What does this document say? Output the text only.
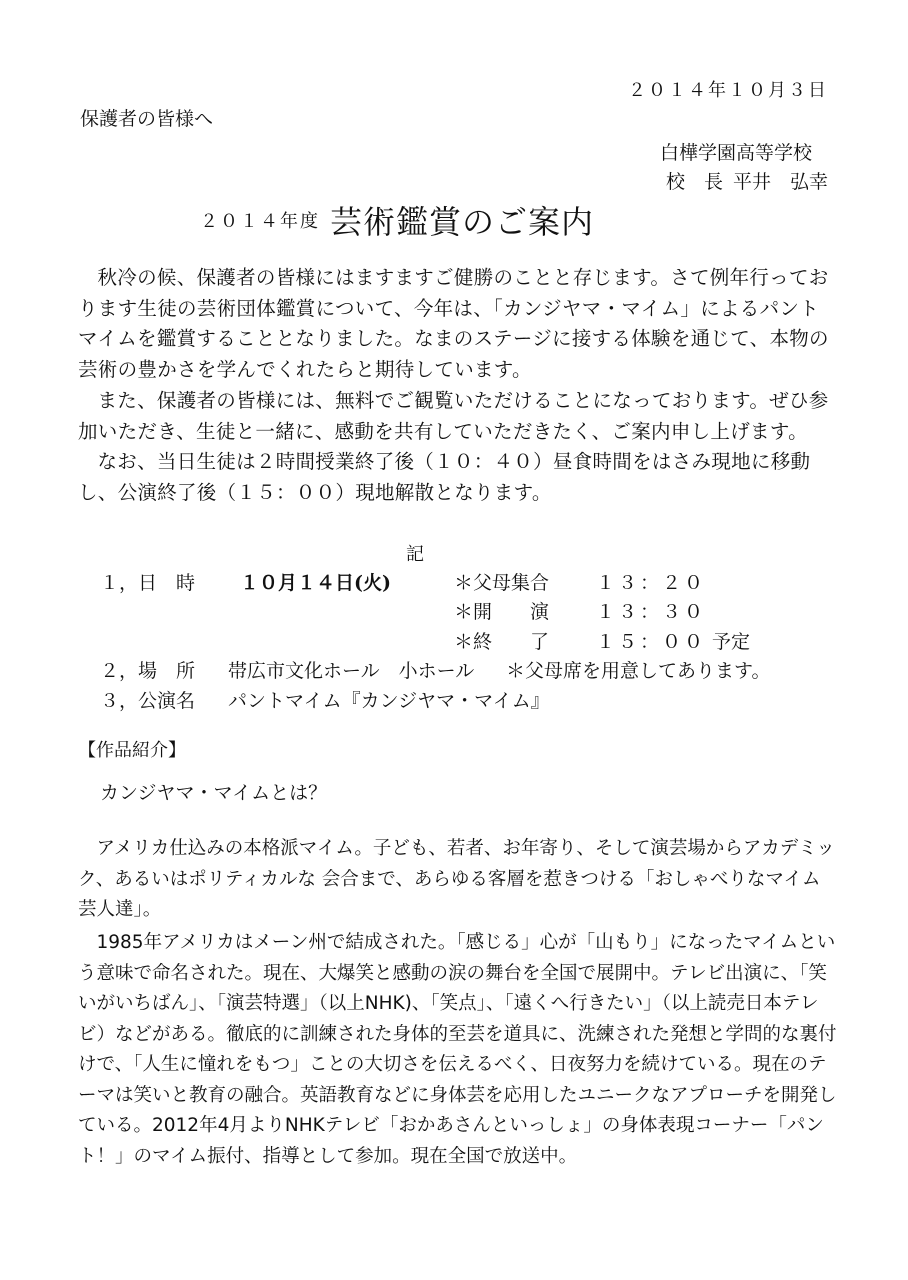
２０１４年１０月３日
保護者の皆様へ
白樺学園高等学校
校　長 平井　弘幸
２０１４年度 芸術鑑賞のご案内
秋冷の候、保護者の皆様にはますますご健勝のことと存じます。さて例年行っております生徒の芸術団体鑑賞について、今年は、「カンジヤマ・マイム」によるパントマイムを鑑賞することとなりました。なまのステージに接する体験を通じて、本物の芸術の豊かさを学んでくれたらと期待しています。
また、保護者の皆様には、無料でご観覧いただけることになっております。ぜひ参加いただき、生徒と一緒に、感動を共有していただきたく、ご案内申し上げます。
なお、当日生徒は２時間授業終了後（１０：４０）昼食時間をはさみ現地に移動し、公演終了後（１５：００）現地解散となります。
記
１，日　時 １０月１４日(火)	＊父母集合 １３：２０
＊開　　演 １３：３０
＊終　　了 １５：００ 予定
２，場　所 帯広市文化ホール　小ホール ＊父母席を用意してあります。
３，公演名 パントマイム『カンジヤマ・マイム』
【作品紹介】
カンジヤマ・マイムとは？
アメリカ仕込みの本格派マイム。子ども、若者、お年寄り、そして演芸場からアカデミック、あるいはポリティカルな 会合まで、あらゆる客層を惹きつける「おしゃべりなマイム芸人達」。
1985年アメリカはメーン州で結成された。「感じる」心が「山もり」になったマイムという意味で命名された。現在、大爆笑と感動の涙の舞台を全国で展開中。テレビ出演に、「笑いがいちばん」、「演芸特選」（以上NHK)、「笑点」、「遠くへ行きたい」（以上読売日本テレビ）などがある。徹底的に訓練された身体的至芸を道具に、洗練された発想と学問的な裏付けで、「人生に憧れをもつ」ことの大切さを伝えるべく、日夜努力を続けている。現在のテーマは笑いと教育の融合。英語教育などに身体芸を応用したユニークなアプローチを開発している。2012年4月よりNHKテレビ「おかあさんといっしょ」の身体表現コーナー「パント！」のマイム振付、指導として参加。現在全国で放送中。
